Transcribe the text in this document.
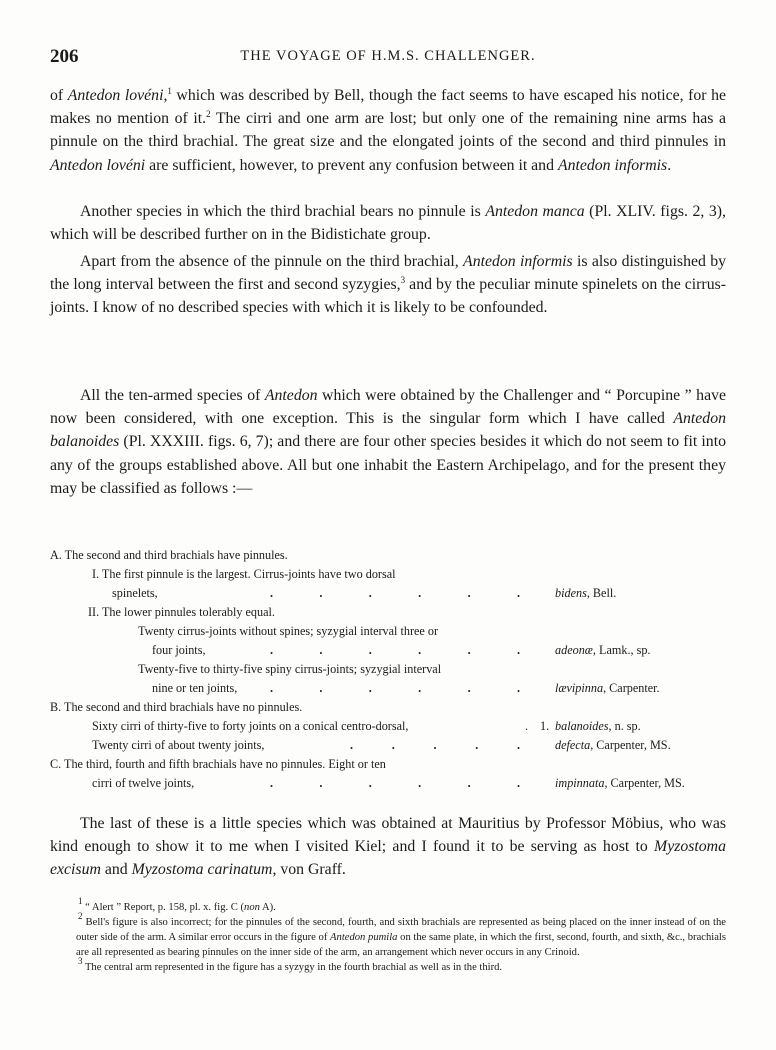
206	THE VOYAGE OF H.M.S. CHALLENGER.

of Antedon lovéni,$^1$ which was described by Bell, though the fact seems to have escaped his notice, for he makes no mention of it.$^2$ The cirri and one arm are lost; but only one of the remaining nine arms has a pinnule on the third brachial. The great size and the elongated joints of the second and third pinnules in Antedon lovéni are sufficient, however, to prevent any confusion between it and Antedon informis.

Another species in which the third brachial bears no pinnule is Antedon manca (Pl. XLIV. figs. 2, 3), which will be described further on in the Bidistichate group.

Apart from the absence of the pinnule on the third brachial, Antedon informis is also distinguished by the long interval between the first and second syzygies,$^3$ and by the peculiar minute spinelets on the cirrus-joints. I know of no described species with which it is likely to be confounded.

All the ten-armed species of Antedon which were obtained by the Challenger and “ Porcupine ” have now been considered, with one exception. This is the singular form which I have called Antedon balanoides (Pl. XXXIII. figs. 6, 7); and there are four other species besides it which do not seem to fit into any of the groups established above. All but one inhabit the Eastern Archipelago, and for the present they may be classified as follows :—

A. The second and third brachials have pinnules.
I. The first pinnule is the largest. Cirrus-joints have two dorsal
spinelets,	.	.	.	.	.	.	bidens, Bell.
II. The lower pinnules tolerably equal.
Twenty cirrus-joints without spines; syzygial interval three or
four joints,	.	.	.	.	.	.	adeonæ, Lamk., sp.
Twenty-five to thirty-five spiny cirrus-joints; syzygial interval
nine or ten joints,	.	.	.	.	.	.	lævipinna, Carpenter.
B. The second and third brachials have no pinnules.
Sixty cirri of thirty-five to forty joints on a conical centro-dorsal,	. 1. balanoides, n. sp.
Twenty cirri of about twenty joints,	.	.	.	.	.	defecta, Carpenter, MS.
C. The third, fourth and fifth brachials have no pinnules. Eight or ten
cirri of twelve joints,	.	.	.	.	.	.	impinnata, Carpenter, MS.

The last of these is a little species which was obtained at Mauritius by Professor Möbius, who was kind enough to show it to me when I visited Kiel; and I found it to be serving as host to Myzostoma excisum and Myzostoma carinatum, von Graff.

$^1$ “ Alert ” Report, p. 158, pl. x. fig. C (non A).

$^2$ Bell's figure is also incorrect; for the pinnules of the second, fourth, and sixth brachials are represented as being placed on the inner instead of on the outer side of the arm. A similar error occurs in the figure of Antedon pumila on the same plate, in which the first, second, fourth, and sixth, &c., brachials are all represented as bearing pinnules on the inner side of the arm, an arrangement which never occurs in any Crinoid.

$^3$ The central arm represented in the figure has a syzygy in the fourth brachial as well as in the third.
